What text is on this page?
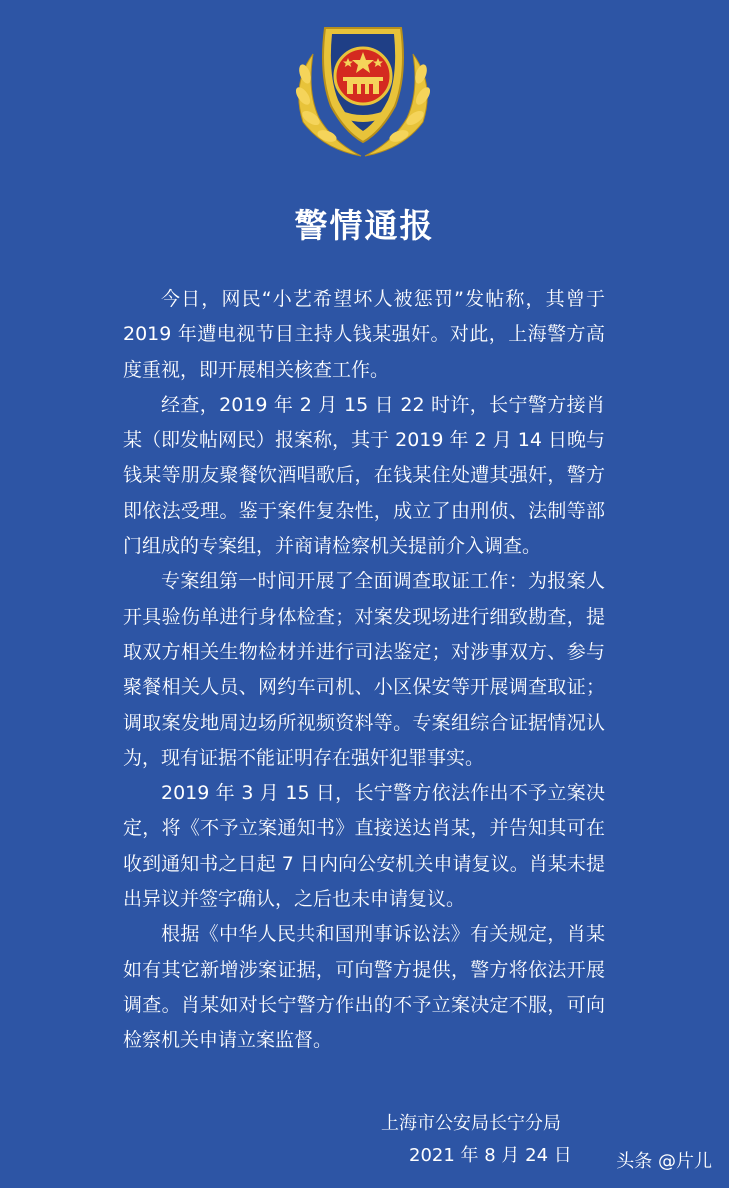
警情通报

今日，网民“小艺希望坏人被惩罚”发帖称，其曾于 2019 年遭电视节目主持人钱某强奸。对此，上海警方高度重视，即开展相关核查工作。

经查，2019 年 2 月 15 日 22 时许，长宁警方接肖某（即发帖网民）报案称，其于 2019 年 2 月 14 日晚与钱某等朋友聚餐饮酒唱歌后，在钱某住处遭其强奸，警方即依法受理。鉴于案件复杂性，成立了由刑侦、法制等部门组成的专案组，并商请检察机关提前介入调查。

专案组第一时间开展了全面调查取证工作：为报案人开具验伤单进行身体检查；对案发现场进行细致勘查，提取双方相关生物检材并进行司法鉴定；对涉事双方、参与聚餐相关人员、网约车司机、小区保安等开展调查取证；调取案发地周边场所视频资料等。专案组综合证据情况认为，现有证据不能证明存在强奸犯罪事实。

2019 年 3 月 15 日，长宁警方依法作出不予立案决定，将《不予立案通知书》直接送达肖某，并告知其可在收到通知书之日起 7 日内向公安机关申请复议。肖某未提出异议并签字确认，之后也未申请复议。

根据《中华人民共和国刑事诉讼法》有关规定，肖某如有其它新增涉案证据，可向警方提供，警方将依法开展调查。肖某如对长宁警方作出的不予立案决定不服，可向检察机关申请立案监督。

上海市公安局长宁分局
2021 年 8 月 24 日	头条 @片儿
